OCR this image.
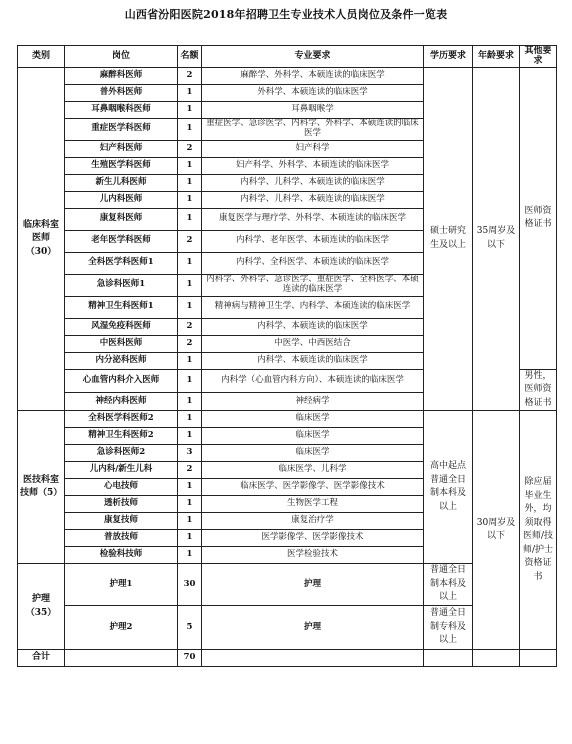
山西省汾阳医院2018年招聘卫生专业技术人员岗位及条件一览表
类别	岗位	名额	专业要求	学历要求	年龄要求	其他要求
临床科室医师（30）	麻醉科医师	2	麻醉学、外科学、本硕连读的临床医学	硕士研究生及以上	35周岁及以下	医师资格证书
	普外科医师	1	外科学、本硕连读的临床医学			
	耳鼻咽喉科医师	1	耳鼻咽喉学			
	重症医学科医师	1	重症医学、急诊医学、内科学、外科学、本硕连读的临床医学			
	妇产科医师	2	妇产科学			
	生殖医学科医师	1	妇产科学、外科学、本硕连读的临床医学			
	新生儿科医师	1	内科学、儿科学、本硕连读的临床医学			
	儿内科医师	1	内科学、儿科学、本硕连读的临床医学			
	康复科医师	1	康复医学与理疗学、外科学、本硕连读的临床医学			
	老年医学科医师	2	内科学、老年医学、本硕连读的临床医学			
	全科医学科医师1	1	内科学、全科医学、本硕连读的临床医学			
	急诊科医师1	1	内科学、外科学、急诊医学、重症医学、全科医学、本硕连读的临床医学			
	精神卫生科医师1	1	精神病与精神卫生学、内科学、本硕连读的临床医学			
	风湿免疫科医师	2	内科学、本硕连读的临床医学			
	中医科医师	2	中医学、中西医结合			
	内分泌科医师	1	内科学、本硕连读的临床医学			
	心血管内科介入医师	1	内科学（心血管内科方向）、本硕连读的临床医学			男性，医师资格证书
	神经内科医师	1	神经病学			
医技科室技师（5）	全科医学科医师2	1	临床医学	高中起点普通全日制本科及以上	30周岁及以下	除应届毕业生外，均须取得医师/技师/护士资格证书
	精神卫生科医师2	1	临床医学			
	急诊科医师2	3	临床医学			
	儿内科/新生儿科	2	临床医学、儿科学			
	心电技师	1	临床医学、医学影像学、医学影像技术			
	透析技师	1	生物医学工程			
	康复技师	1	康复治疗学			
	普放技师	1	医学影像学、医学影像技术			
	检验科技师	1	医学检验技术			
护理（35）	护理1	30	护理	普通全日制本科及以上		
	护理2	5	护理	普通全日制专科及以上		
合计		70				
